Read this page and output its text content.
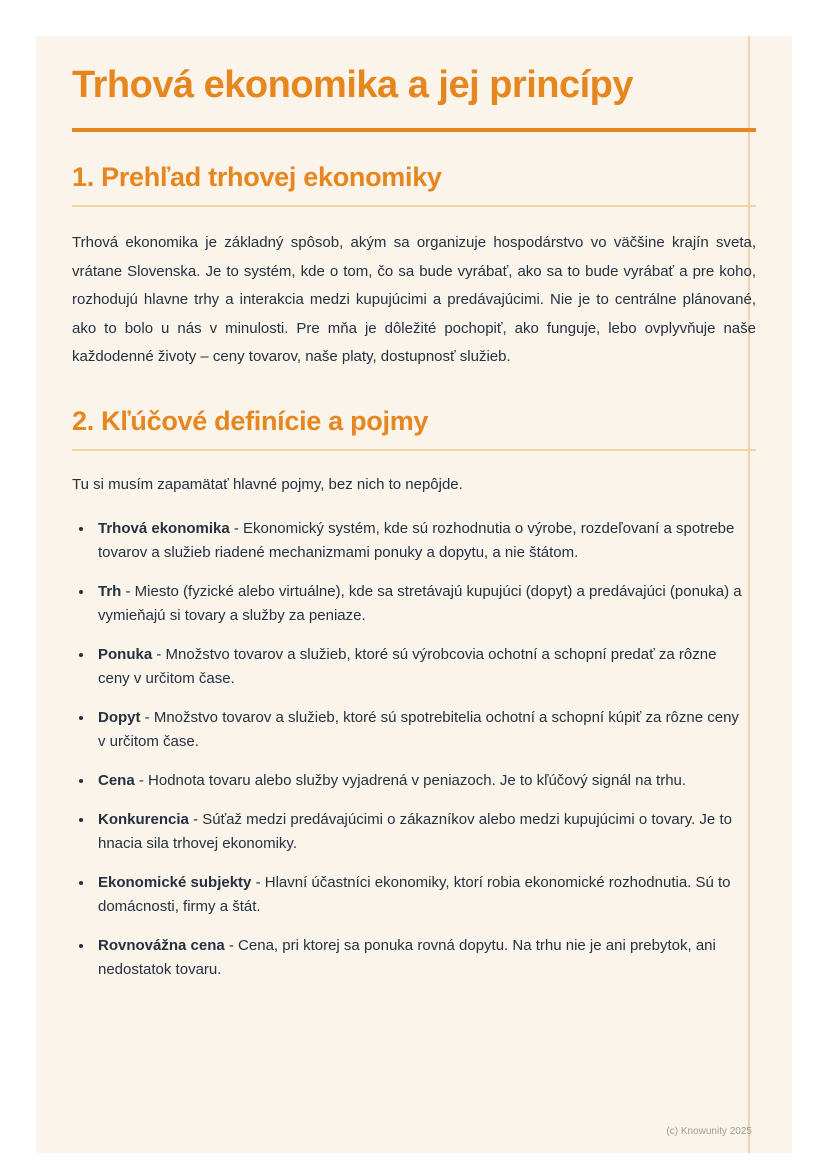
Trhová ekonomika a jej princípy
1. Prehľad trhovej ekonomiky

Trhová ekonomika je základný spôsob, akým sa organizuje hospodárstvo vo väčšine krajín sveta, vrátane Slovenska. Je to systém, kde o tom, čo sa bude vyrábať, ako sa to bude vyrábať a pre koho, rozhodujú hlavne trhy a interakcia medzi kupujúcimi a predávajúcimi. Nie je to centrálne plánované, ako to bolo u nás v minulosti. Pre mňa je dôležité pochopiť, ako funguje, lebo ovplyvňuje naše každodenné životy – ceny tovarov, naše platy, dostupnosť služieb.

2. Kľúčové definície a pojmy

Tu si musím zapamätať hlavné pojmy, bez nich to nepôjde.

• Trhová ekonomika - Ekonomický systém, kde sú rozhodnutia o výrobe, rozdeľovaní a spotrebe tovarov a služieb riadené mechanizmami ponuky a dopytu, a nie štátom.
• Trh - Miesto (fyzické alebo virtuálne), kde sa stretávajú kupujúci (dopyt) a predávajúci (ponuka) a vymieňajú si tovary a služby za peniaze.
• Ponuka - Množstvo tovarov a služieb, ktoré sú výrobcovia ochotní a schopní predať za rôzne ceny v určitom čase.
• Dopyt - Množstvo tovarov a služieb, ktoré sú spotrebitelia ochotní a schopní kúpiť za rôzne ceny v určitom čase.
• Cena - Hodnota tovaru alebo služby vyjadrená v peniazoch. Je to kľúčový signál na trhu.
• Konkurencia - Súťaž medzi predávajúcimi o zákazníkov alebo medzi kupujúcimi o tovary. Je to hnacia sila trhovej ekonomiky.
• Ekonomické subjekty - Hlavní účastníci ekonomiky, ktorí robia ekonomické rozhodnutia. Sú to domácnosti, firmy a štát.
• Rovnovážna cena - Cena, pri ktorej sa ponuka rovná dopytu. Na trhu nie je ani prebytok, ani nedostatok tovaru.
(c) Knowunity 2025
